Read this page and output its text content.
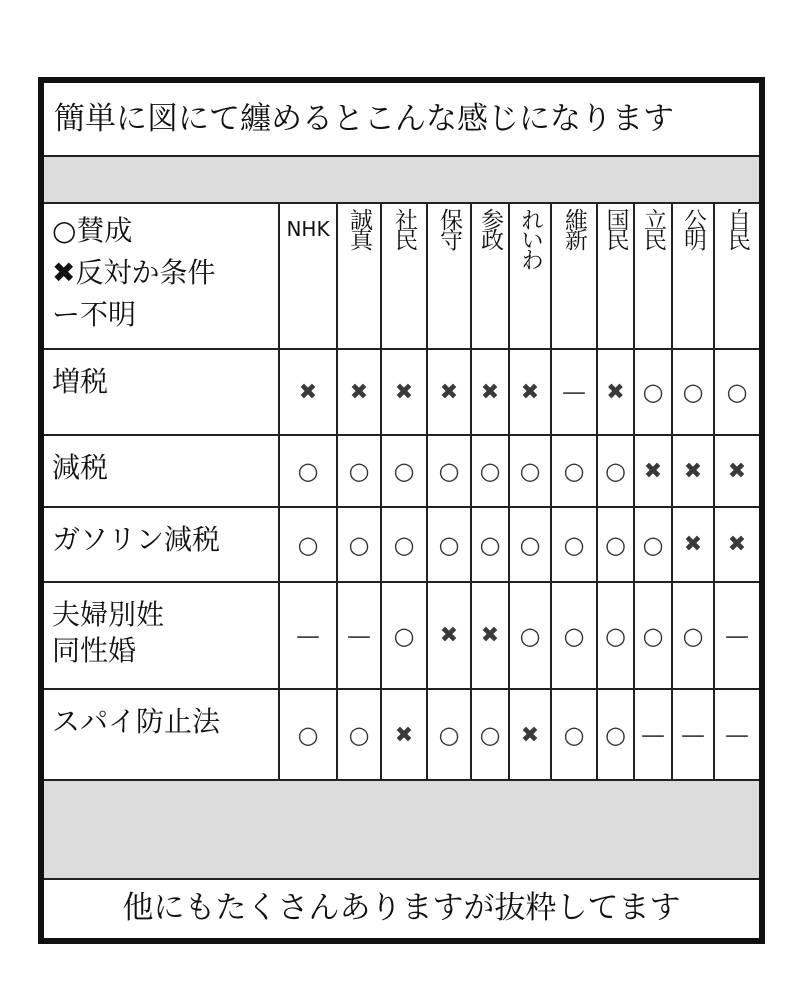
簡単に図にて纏めるとこんな感じになります
○賛成
✖反対か条件
ー不明
NHK 誠真 社民 保守 参政 れいわ 維新 国民 立民 公明 自民
増税	✖	✖	✖	✖	✖ ✖ — ✖ ○ ○ ○
減税	○	○	○	○ ○ ○ ○ ○ ✖ ✖	✖
ガソリン減税	○	○	○	○ ○ ○ ○ ○ ○ ✖	✖
夫婦別姓
同性婚	—	— ○	✖	✖ ○ ○ ○ ○ ○ —
スパイ防止法	○	○	✖	○ ○ ✖	○ ○ — — —
他にもたくさんありますが抜粋してます
